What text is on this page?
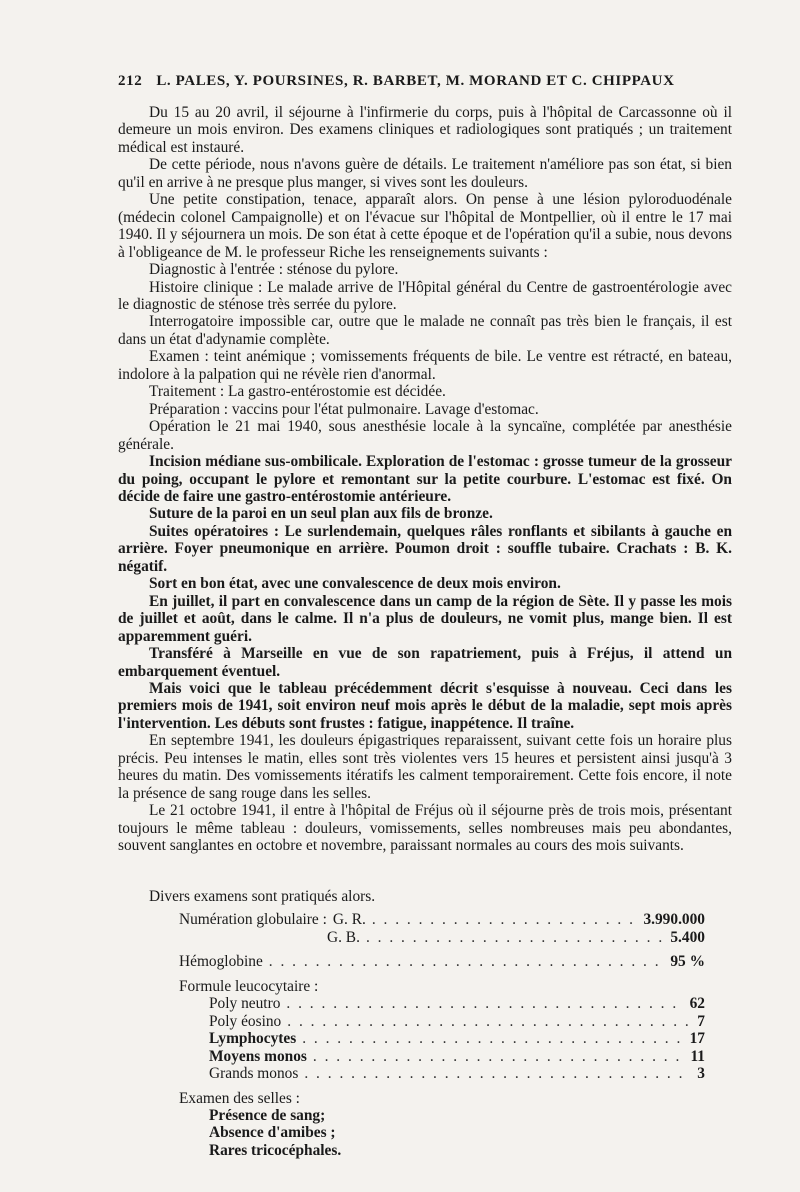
212 L. PALES, Y. POURSINES, R. BARBET, M. MORAND ET C. CHIPPAUX

Du 15 au 20 avril, il séjourne à l'infirmerie du corps, puis à l'hôpital de Carcassonne où il demeure un mois environ. Des examens cliniques et radiologiques sont pratiqués ; un traitement médical est instauré.

De cette période, nous n'avons guère de détails. Le traitement n'améliore pas son état, si bien qu'il en arrive à ne presque plus manger, si vives sont les douleurs.

Une petite constipation, tenace, apparaît alors. On pense à une lésion pyloroduodénale (médecin colonel Campaignolle) et on l'évacue sur l'hôpital de Montpellier, où il entre le 17 mai 1940. Il y séjournera un mois. De son état à cette époque et de l'opération qu'il a subie, nous devons à l'obligeance de M. le professeur Riche les renseignements suivants :

Diagnostic à l'entrée : sténose du pylore.

Histoire clinique : Le malade arrive de l'Hôpital général du Centre de gastroentérologie avec le diagnostic de sténose très serrée du pylore.

Interrogatoire impossible car, outre que le malade ne connaît pas très bien le français, il est dans un état d'adynamie complète.

Examen : teint anémique ; vomissements fréquents de bile. Le ventre est rétracté, en bateau, indolore à la palpation qui ne révèle rien d'anormal.

Traitement : La gastro-entérostomie est décidée.

Préparation : vaccins pour l'état pulmonaire. Lavage d'estomac.

Opération le 21 mai 1940, sous anesthésie locale à la syncaïne, complétée par anesthésie générale.

Incision médiane sus-ombilicale. Exploration de l'estomac : grosse tumeur de la grosseur du poing, occupant le pylore et remontant sur la petite courbure. L'estomac est fixé. On décide de faire une gastro-entérostomie antérieure.

Suture de la paroi en un seul plan aux fils de bronze.

Suites opératoires : Le surlendemain, quelques râles ronflants et sibilants à gauche en arrière. Foyer pneumonique en arrière. Poumon droit : souffle tubaire. Crachats : B. K. négatif.

Sort en bon état, avec une convalescence de deux mois environ.

En juillet, il part en convalescence dans un camp de la région de Sète. Il y passe les mois de juillet et août, dans le calme. Il n'a plus de douleurs, ne vomit plus, mange bien. Il est apparemment guéri.

Transféré à Marseille en vue de son rapatriement, puis à Fréjus, il attend un embarquement éventuel.

Mais voici que le tableau précédemment décrit s'esquisse à nouveau. Ceci dans les premiers mois de 1941, soit environ neuf mois après le début de la maladie, sept mois après l'intervention. Les débuts sont frustes : fatigue, inappétence. Il traîne.

En septembre 1941, les douleurs épigastriques reparaissent, suivant cette fois un horaire plus précis. Peu intenses le matin, elles sont très violentes vers 15 heures et persistent ainsi jusqu'à 3 heures du matin. Des vomissements itératifs les calment temporairement. Cette fois encore, il note la présence de sang rouge dans les selles.

Le 21 octobre 1941, il entre à l'hôpital de Fréjus où il séjourne près de trois mois, présentant toujours le même tableau : douleurs, vomissements, selles nombreuses mais peu abondantes, souvent sanglantes en octobre et novembre, paraissant normales au cours des mois suivants.

Divers examens sont pratiqués alors.

Numération globulaire : G. R. . . .	3.990.000
G. B. . . .	5.400
Hémoglobine . . .	95 %
Formule leucocytaire :
Poly neutro . . .	62
Poly éosino . . .	7
Lymphocytes . . .	17
Moyens monos . . .	11
Grands monos . . .	3
Examen des selles :
Présence de sang;
Absence d'amibes ;
Rares tricocéphales.
